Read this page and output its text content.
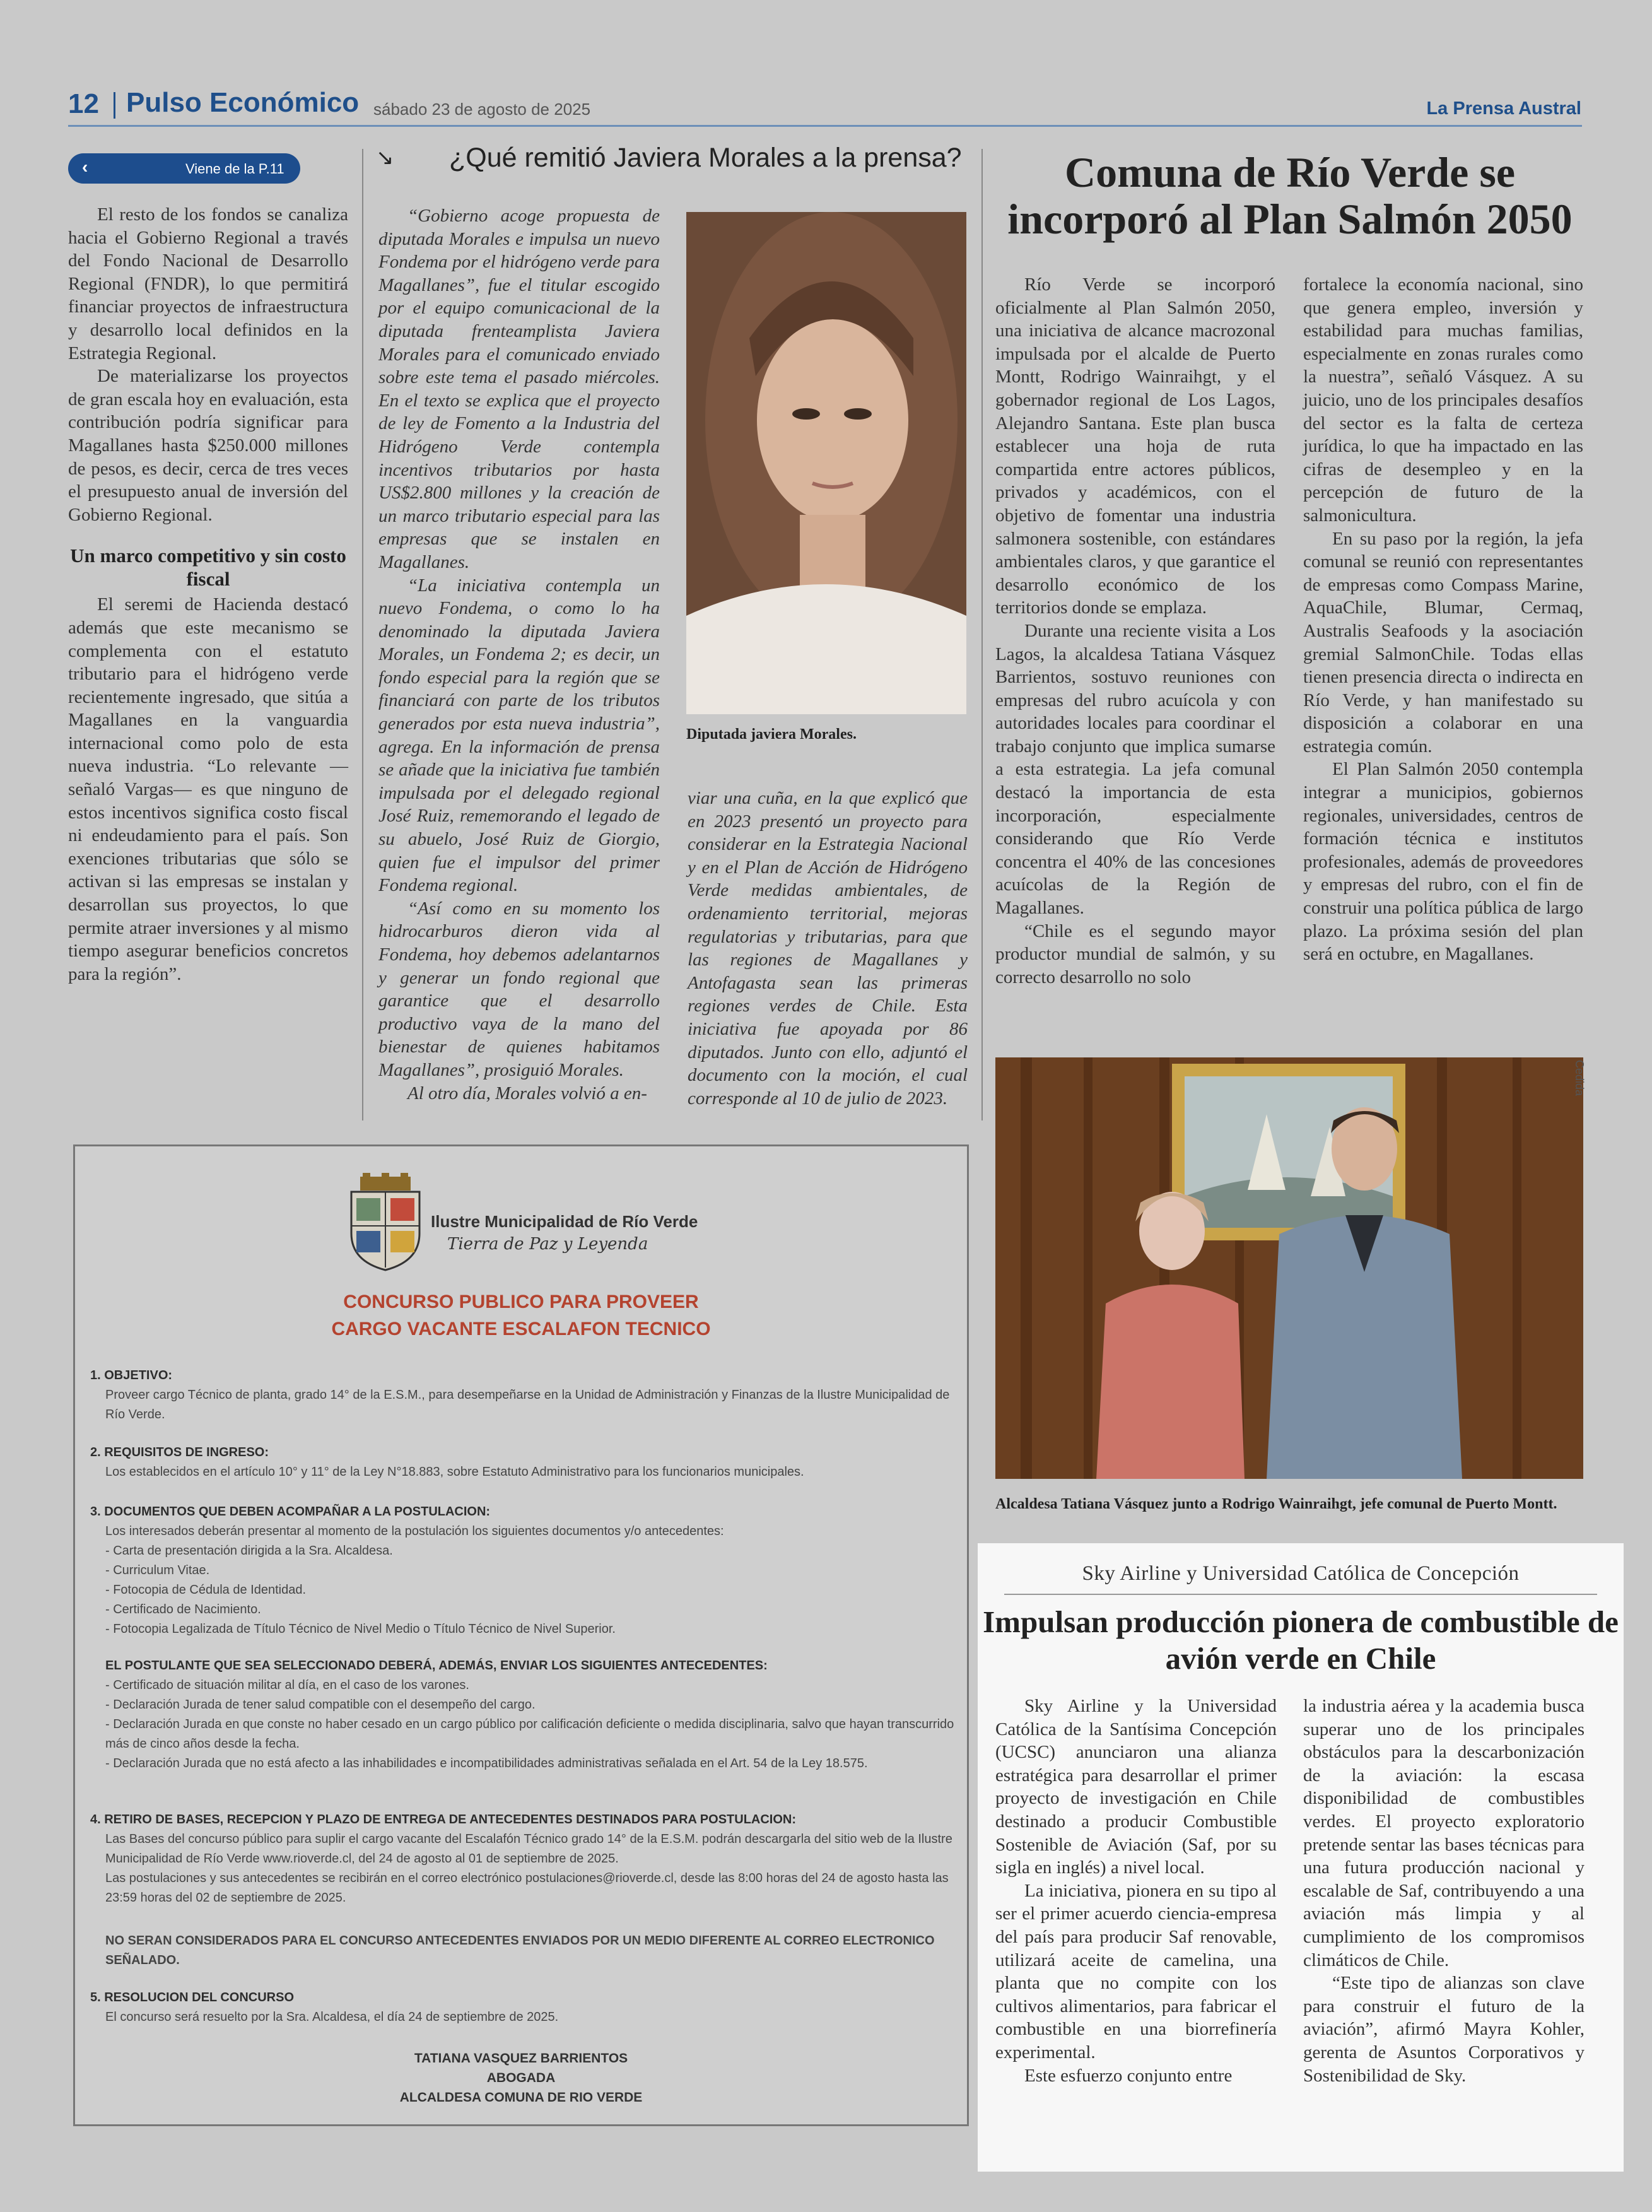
12 Pulso Económico sábado 23 de agosto de 2025	La Prensa Austral
‹	Viene de la P.11

El resto de los fondos se canaliza hacia el Gobierno Regional a través del Fondo Nacional de Desarrollo Regional (FNDR), lo que permitirá financiar proyectos de infraestructura y desarrollo local definidos en la Estrategia Regional.

De materializarse los proyectos de gran escala hoy en evaluación, esta contribución podría significar para Magallanes hasta $250.000 millones de pesos, es decir, cerca de tres veces el presupuesto anual de inversión del Gobierno Regional.

Un marco competitivo y sin costo fiscal

El seremi de Hacienda destacó además que este mecanismo se complementa con el estatuto tributario para el hidrógeno verde recientemente ingresado, que sitúa a Magallanes en la vanguardia internacional como polo de esta nueva industria. “Lo relevante —señaló Vargas— es que ninguno de estos incentivos significa costo fiscal ni endeudamiento para el país. Son exenciones tributarias que sólo se activan si las empresas se instalan y desarrollan sus proyectos, lo que permite atraer inversiones y al mismo tiempo asegurar beneficios concretos para la región”.

↘ ¿Qué remitió Javiera Morales a la prensa?

“Gobierno acoge propuesta de diputada Morales e impulsa un nuevo Fondema por el hidrógeno verde para Magallanes”, fue el titular escogido por el equipo comunicacional de la diputada frenteamplista Javiera Morales para el comunicado enviado sobre este tema el pasado miércoles. En el texto se explica que el proyecto de ley de Fomento a la Industria del Hidrógeno Verde contempla incentivos tributarios por hasta US$2.800 millones y la creación de un marco tributario especial para las empresas que se instalen en Magallanes.

“La iniciativa contempla un nuevo Fondema, o como lo ha denominado la diputada Javiera Morales, un Fondema 2; es decir, un fondo especial para la región que se financiará con parte de los tributos generados por esta nueva industria”, agrega. En la información de prensa se añade que la iniciativa fue también impulsada por el delegado regional José Ruiz, rememorando el legado de su abuelo, José Ruiz de Giorgio, quien fue el impulsor del primer Fondema regional.

“Así como en su momento los hidrocarburos dieron vida al Fondema, hoy debemos adelantarnos y generar un fondo regional que garantice que el desarrollo productivo vaya de la mano del bienestar de quienes habitamos Magallanes”, prosiguió Morales.

Al otro día, Morales volvió a en-

Diputada javiera Morales.

viar una cuña, en la que explicó que en 2023 presentó un proyecto para considerar en la Estrategia Nacional y en el Plan de Acción de Hidrógeno Verde medidas ambientales, de ordenamiento territorial, mejoras regulatorias y tributarias, para que las regiones de Magallanes y Antofagasta sean las primeras regiones verdes de Chile. Esta iniciativa fue apoyada por 86 diputados. Junto con ello, adjuntó el documento con la moción, el cual corresponde al 10 de julio de 2023.

Comuna de Río Verde se incorporó al Plan Salmón 2050

Río Verde se incorporó oficialmente al Plan Salmón 2050, una iniciativa de alcance macrozonal impulsada por el alcalde de Puerto Montt, Rodrigo Wainraihgt, y el gobernador regional de Los Lagos, Alejandro Santana. Este plan busca establecer una hoja de ruta compartida entre actores públicos, privados y académicos, con el objetivo de fomentar una industria salmonera sostenible, con estándares ambientales claros, y que garantice el desarrollo económico de los territorios donde se emplaza.

Durante una reciente visita a Los Lagos, la alcaldesa Tatiana Vásquez Barrientos, sostuvo reuniones con empresas del rubro acuícola y con autoridades locales para coordinar el trabajo conjunto que implica sumarse a esta estrategia. La jefa comunal destacó la importancia de esta incorporación, especialmente considerando que Río Verde concentra el 40% de las concesiones acuícolas de la Región de Magallanes.

“Chile es el segundo mayor productor mundial de salmón, y su correcto desarrollo no solo

fortalece la economía nacional, sino que genera empleo, inversión y estabilidad para muchas familias, especialmente en zonas rurales como la nuestra”, señaló Vásquez. A su juicio, uno de los principales desafíos del sector es la falta de certeza jurídica, lo que ha impactado en las cifras de desempleo y en la percepción de futuro de la salmonicultura.

En su paso por la región, la jefa comunal se reunió con representantes de empresas como Compass Marine, AquaChile, Blumar, Cermaq, Australis Seafoods y la asociación gremial SalmonChile. Todas ellas tienen presencia directa o indirecta en Río Verde, y han manifestado su disposición a colaborar en una estrategia común.

El Plan Salmón 2050 contempla integrar a municipios, gobiernos regionales, universidades, centros de formación técnica e institutos profesionales, además de proveedores y empresas del rubro, con el fin de construir una política pública de largo plazo. La próxima sesión del plan será en octubre, en Magallanes.

Cedida
Alcaldesa Tatiana Vásquez junto a Rodrigo Wainraihgt, jefe comunal de Puerto Montt.
Ilustre Municipalidad de Río Verde
Tierra de Paz y Leyenda
CONCURSO PUBLICO PARA PROVEER
CARGO VACANTE ESCALAFON TECNICO
1. OBJETIVO:
Proveer cargo Técnico de planta, grado 14° de la E.S.M., para desempeñarse en la Unidad de Administración y Finanzas de la Ilustre Municipalidad de Río Verde.
2. REQUISITOS DE INGRESO:
Los establecidos en el artículo 10° y 11° de la Ley N°18.883, sobre Estatuto Administrativo para los funcionarios municipales.
3. DOCUMENTOS QUE DEBEN ACOMPAÑAR A LA POSTULACION:
Los interesados deberán presentar al momento de la postulación los siguientes documentos y/o antecedentes:
- Carta de presentación dirigida a la Sra. Alcaldesa.
- Curriculum Vitae.
- Fotocopia de Cédula de Identidad.
- Certificado de Nacimiento.
- Fotocopia Legalizada de Título Técnico de Nivel Medio o Título Técnico de Nivel Superior.
EL POSTULANTE QUE SEA SELECCIONADO DEBERÁ, ADEMÁS, ENVIAR LOS SIGUIENTES ANTECEDENTES:
- Certificado de situación militar al día, en el caso de los varones.
- Declaración Jurada de tener salud compatible con el desempeño del cargo.
- Declaración Jurada en que conste no haber cesado en un cargo público por calificación deficiente o medida disciplinaria, salvo que hayan transcurrido más de cinco años desde la fecha.
- Declaración Jurada que no está afecto a las inhabilidades e incompatibilidades administrativas señalada en el Art. 54 de la Ley 18.575.
4. RETIRO DE BASES, RECEPCION Y PLAZO DE ENTREGA DE ANTECEDENTES DESTINADOS PARA POSTULACION:
Las Bases del concurso público para suplir el cargo vacante del Escalafón Técnico grado 14° de la E.S.M. podrán descargarla del sitio web de la Ilustre Municipalidad de Río Verde www.rioverde.cl, del 24 de agosto al 01 de septiembre de 2025.
Las postulaciones y sus antecedentes se recibirán en el correo electrónico postulaciones@rioverde.cl, desde las 8:00 horas del 24 de agosto hasta las 23:59 horas del 02 de septiembre de 2025.
NO SERAN CONSIDERADOS PARA EL CONCURSO ANTECEDENTES ENVIADOS POR UN MEDIO DIFERENTE AL CORREO ELECTRONICO SEÑALADO.
5. RESOLUCION DEL CONCURSO
El concurso será resuelto por la Sra. Alcaldesa, el día 24 de septiembre de 2025.
TATIANA VASQUEZ BARRIENTOS
ABOGADA
ALCALDESA COMUNA DE RIO VERDE
Sky Airline y Universidad Católica de Concepción
Impulsan producción pionera de combustible de avión verde en Chile

Sky Airline y la Universidad Católica de la Santísima Concepción (UCSC) anunciaron una alianza estratégica para desarrollar el primer proyecto de investigación en Chile destinado a producir Combustible Sostenible de Aviación (Saf, por su sigla en inglés) a nivel local.

La iniciativa, pionera en su tipo al ser el primer acuerdo ciencia-empresa del país para producir Saf renovable, utilizará aceite de camelina, una planta que no compite con los cultivos alimentarios, para fabricar el combustible en una biorrefinería experimental.

Este esfuerzo conjunto entre

la industria aérea y la academia busca superar uno de los principales obstáculos para la descarbonización de la aviación: la escasa disponibilidad de combustibles verdes. El proyecto exploratorio pretende sentar las bases técnicas para una futura producción nacional y escalable de Saf, contribuyendo a una aviación más limpia y al cumplimiento de los compromisos climáticos de Chile.

“Este tipo de alianzas son clave para construir el futuro de la aviación”, afirmó Mayra Kohler, gerenta de Asuntos Corporativos y Sostenibilidad de Sky.
